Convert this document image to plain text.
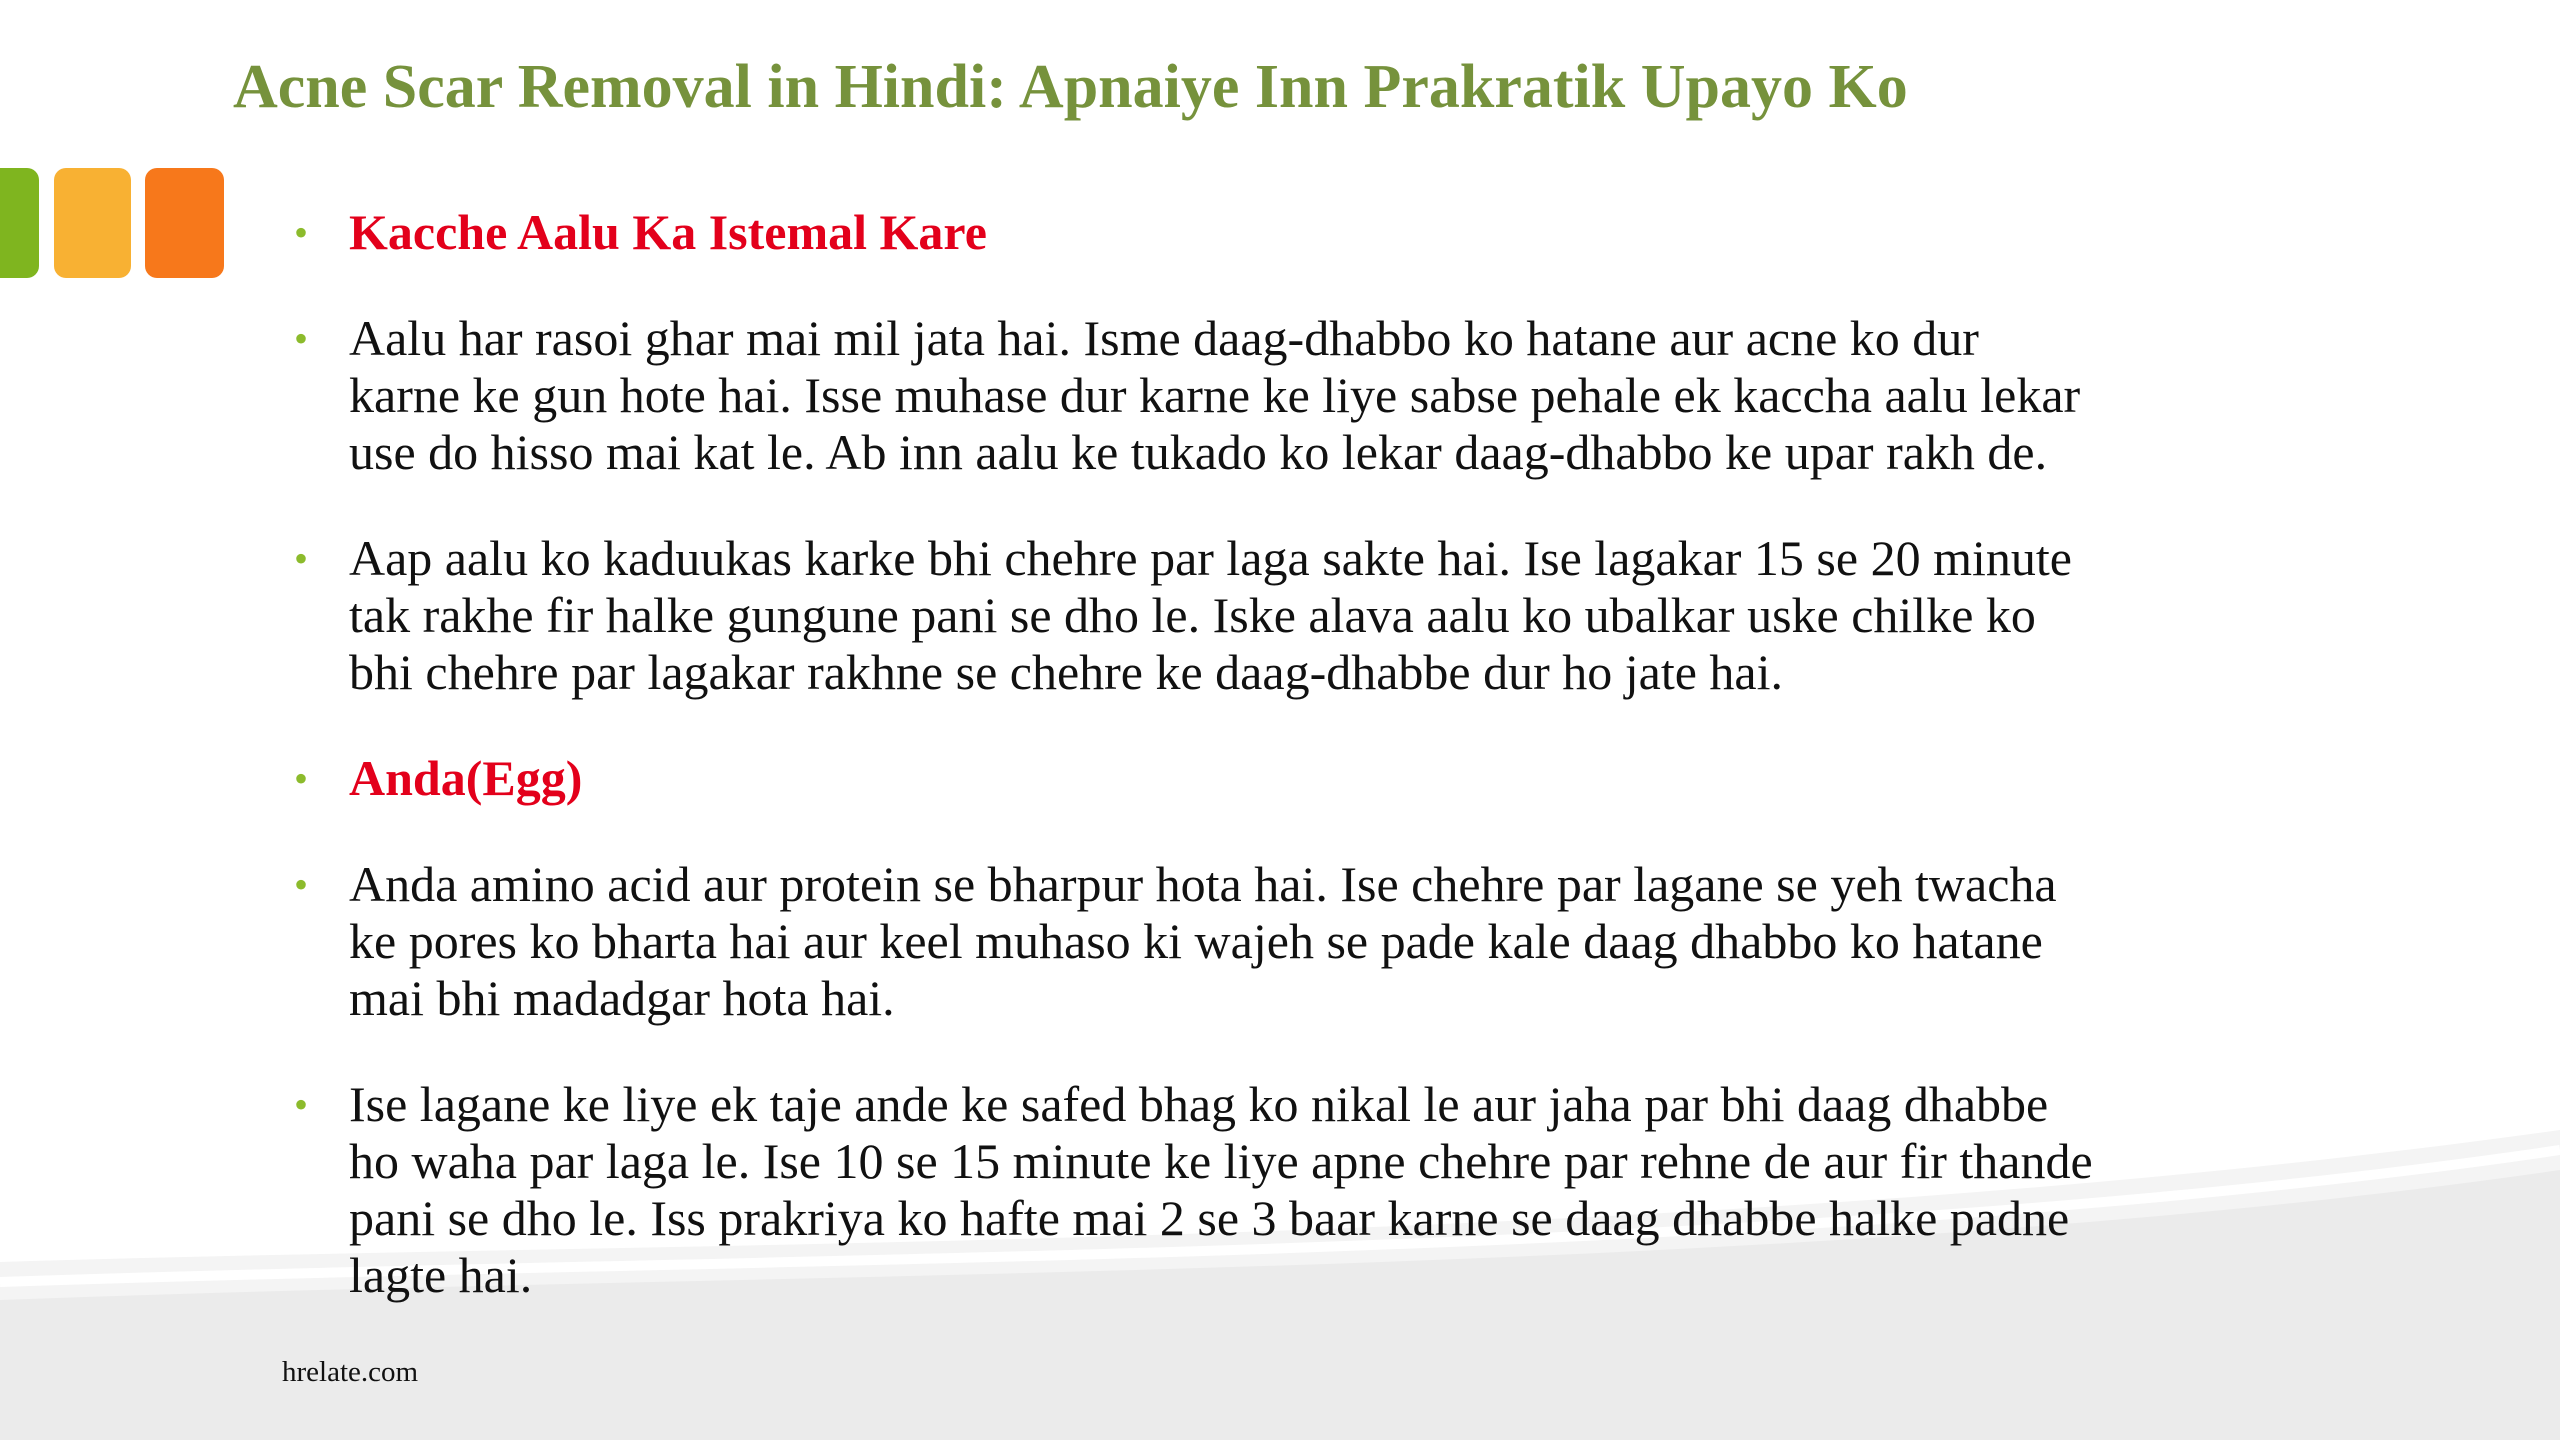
Acne Scar Removal in Hindi: Apnaiye Inn Prakratik Upayo Ko
• Kacche Aalu Ka Istemal Kare
• Aalu har rasoi ghar mai mil jata hai. Isme daag-dhabbo ko hatane aur acne ko dur
karne ke gun hote hai. Isse muhase dur karne ke liye sabse pehale ek kaccha aalu lekar
use do hisso mai kat le. Ab inn aalu ke tukado ko lekar daag-dhabbo ke upar rakh de.
• Aap aalu ko kaduukas karke bhi chehre par laga sakte hai. Ise lagakar 15 se 20 minute
tak rakhe fir halke gungune pani se dho le. Iske alava aalu ko ubalkar uske chilke ko
bhi chehre par lagakar rakhne se chehre ke daag-dhabbe dur ho jate hai.
• Anda(Egg)
• Anda amino acid aur protein se bharpur hota hai. Ise chehre par lagane se yeh twacha
ke pores ko bharta hai aur keel muhaso ki wajeh se pade kale daag dhabbo ko hatane
mai bhi madadgar hota hai.
• Ise lagane ke liye ek taje ande ke safed bhag ko nikal le aur jaha par bhi daag dhabbe
ho waha par laga le. Ise 10 se 15 minute ke liye apne chehre par rehne de aur fir thande
pani se dho le. Iss prakriya ko hafte mai 2 se 3 baar karne se daag dhabbe halke padne
lagte hai.
hrelate.com
